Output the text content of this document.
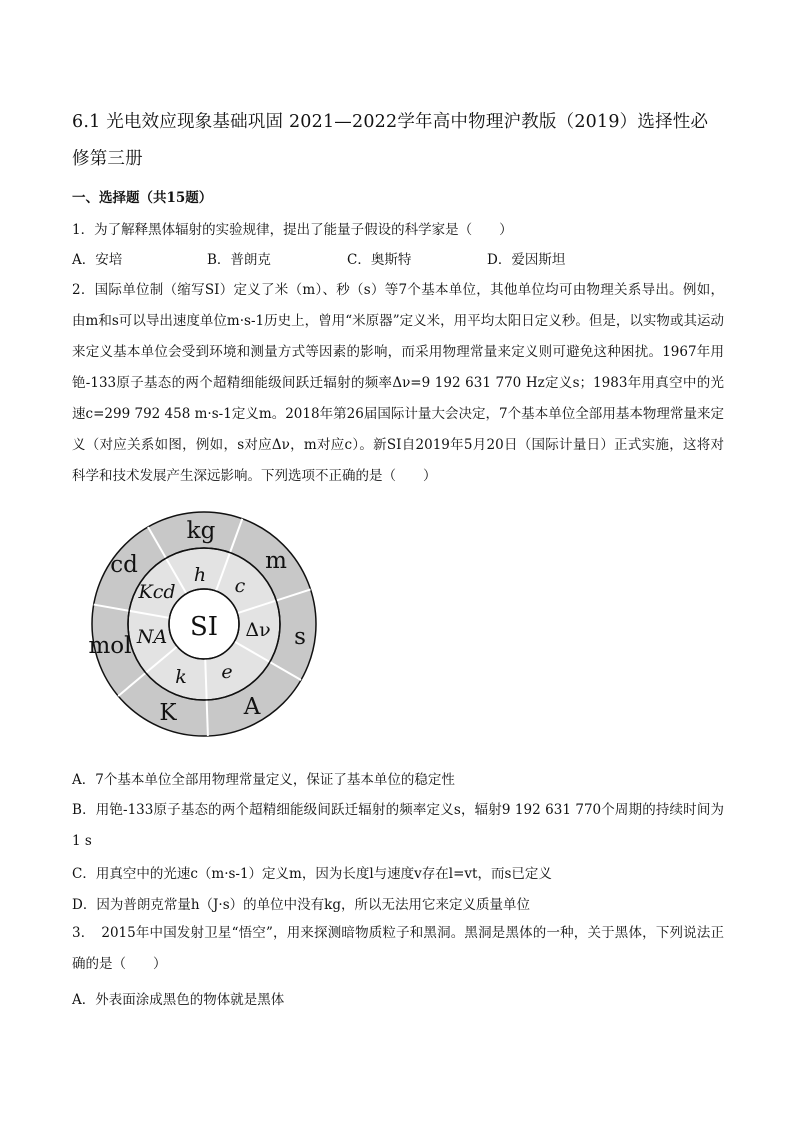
6.1 光电效应现象基础巩固 2021—2022学年高中物理沪教版（2019）选择性必修第三册
一、选择题（共15题）
1．为了解释黑体辐射的实验规律，提出了能量子假设的科学家是（　　）
A．安培	B．普朗克	C．奥斯特	D．爱因斯坦
2．国际单位制（缩写SI）定义了米（m）、秒（s）等7个基本单位，其他单位均可由物理关系导出。例如，由m和s可以导出速度单位m·s-1历史上，曾用“米原器”定义米，用平均太阳日定义秒。但是，以实物或其运动来定义基本单位会受到环境和测量方式等因素的影响，而采用物理常量来定义则可避免这种困扰。1967年用铯-133原子基态的两个超精细能级间跃迁辐射的频率Δν=9 192 631 770 Hz定义s；1983年用真空中的光速c=299 792 458 m·s-1定义m。2018年第26届国际计量大会决定，7个基本单位全部用基本物理常量来定义（对应关系如图，例如，s对应Δν，m对应c）。新SI自2019年5月20日（国际计量日）正式实施，这将对科学和技术发展产生深远影响。下列选项不正确的是（　　）
SI
kg
m
s
A
K
mol
cd	h c
Δν
e
k
NA
Kcd
A．7个基本单位全部用物理常量定义，保证了基本单位的稳定性
B．用铯-133原子基态的两个超精细能级间跃迁辐射的频率定义s，辐射9 192 631 770个周期的持续时间为1 s
C．用真空中的光速c（m·s-1）定义m，因为长度l与速度v存在l=vt，而s已定义
D．因为普朗克常量h（J·s）的单位中没有kg，所以无法用它来定义质量单位
3．　2015年中国发射卫星“悟空”，用来探测暗物质粒子和黑洞。黑洞是黑体的一种，关于黑体，下列说法正确的是（　　）
A．外表面涂成黑色的物体就是黑体
